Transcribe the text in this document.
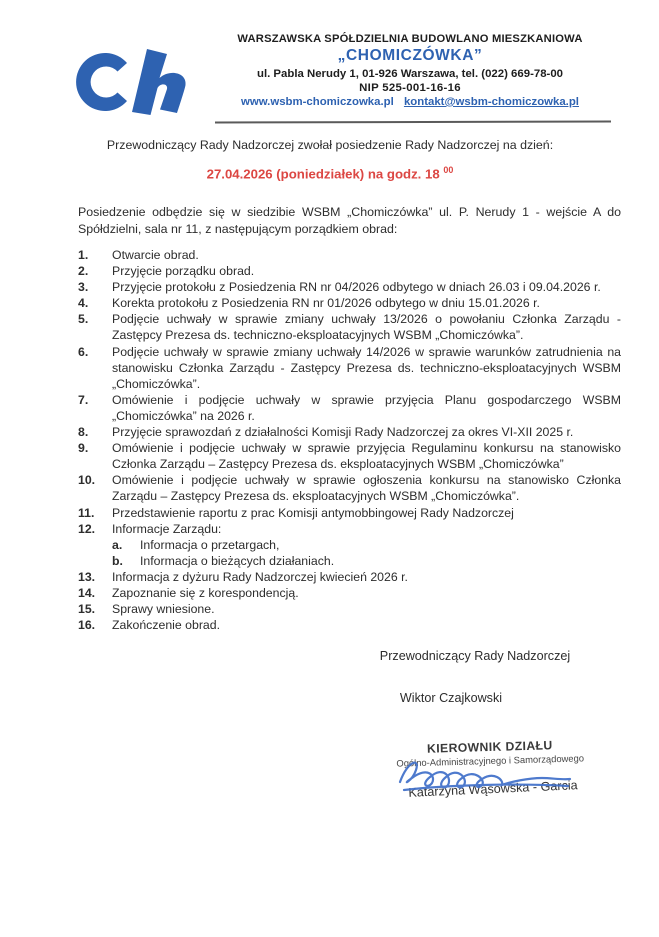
WARSZAWSKA SPÓŁDZIELNIA BUDOWLANO MIESZKANIOWA
„CHOMICZÓWKA”
ul. Pabla Nerudy 1, 01-926 Warszawa, tel. (022) 669-78-00
NIP 525-001-16-16
www.wsbm-chomiczowka.pl kontakt@wsbm-chomiczowka.pl
Przewodniczący Rady Nadzorczej zwołał posiedzenie Rady Nadzorczej na dzień:
27.04.2026 (poniedziałek) na godz. 18 $^{00}$
Posiedzenie odbędzie się w siedzibie WSBM „Chomiczówka” ul. P. Nerudy 1 - wejście A do Spółdzielni, sala nr 11, z następującym porządkiem obrad:
1.	Otwarcie obrad.
2.	Przyjęcie porządku obrad.
3.	Przyjęcie protokołu z Posiedzenia RN nr 04/2026 odbytego w dniach 26.03 i 09.04.2026 r.
4.	Korekta protokołu z Posiedzenia RN nr 01/2026 odbytego w dniu 15.01.2026 r.
5.	Podjęcie uchwały w sprawie zmiany uchwały 13/2026 o powołaniu Członka Zarządu - Zastępcy Prezesa ds. techniczno-eksploatacyjnych WSBM „Chomiczówka”.
6.	Podjęcie uchwały w sprawie zmiany uchwały 14/2026 w sprawie warunków zatrudnienia na stanowisku Członka Zarządu - Zastępcy Prezesa ds. techniczno-eksploatacyjnych WSBM „Chomiczówka”.
7.	Omówienie i podjęcie uchwały w sprawie przyjęcia Planu gospodarczego WSBM „Chomiczówka” na 2026 r.
8.	Przyjęcie sprawozdań z działalności Komisji Rady Nadzorczej za okres VI-XII 2025 r.
9.	Omówienie i podjęcie uchwały w sprawie przyjęcia Regulaminu konkursu na stanowisko Członka Zarządu – Zastępcy Prezesa ds. eksploatacyjnych WSBM „Chomiczówka”
10.	Omówienie i podjęcie uchwały w sprawie ogłoszenia konkursu na stanowisko Członka Zarządu – Zastępcy Prezesa ds. eksploatacyjnych WSBM „Chomiczówka”.
11.	Przedstawienie raportu z prac Komisji antymobbingowej Rady Nadzorczej
12.	Informacje Zarządu:
a.	Informacja o przetargach,
b.	Informacja o bieżących działaniach.
13.	Informacja z dyżuru Rady Nadzorczej kwiecień 2026 r.
14.	Zapoznanie się z korespondencją.
15.	Sprawy wniesione.
16.	Zakończenie obrad.
Przewodniczący Rady Nadzorczej
Wiktor Czajkowski
KIEROWNIK DZIAŁU
Ogólno-Administracyjnego i Samorządowego
Katarzyna Wąsowska - Garcia
